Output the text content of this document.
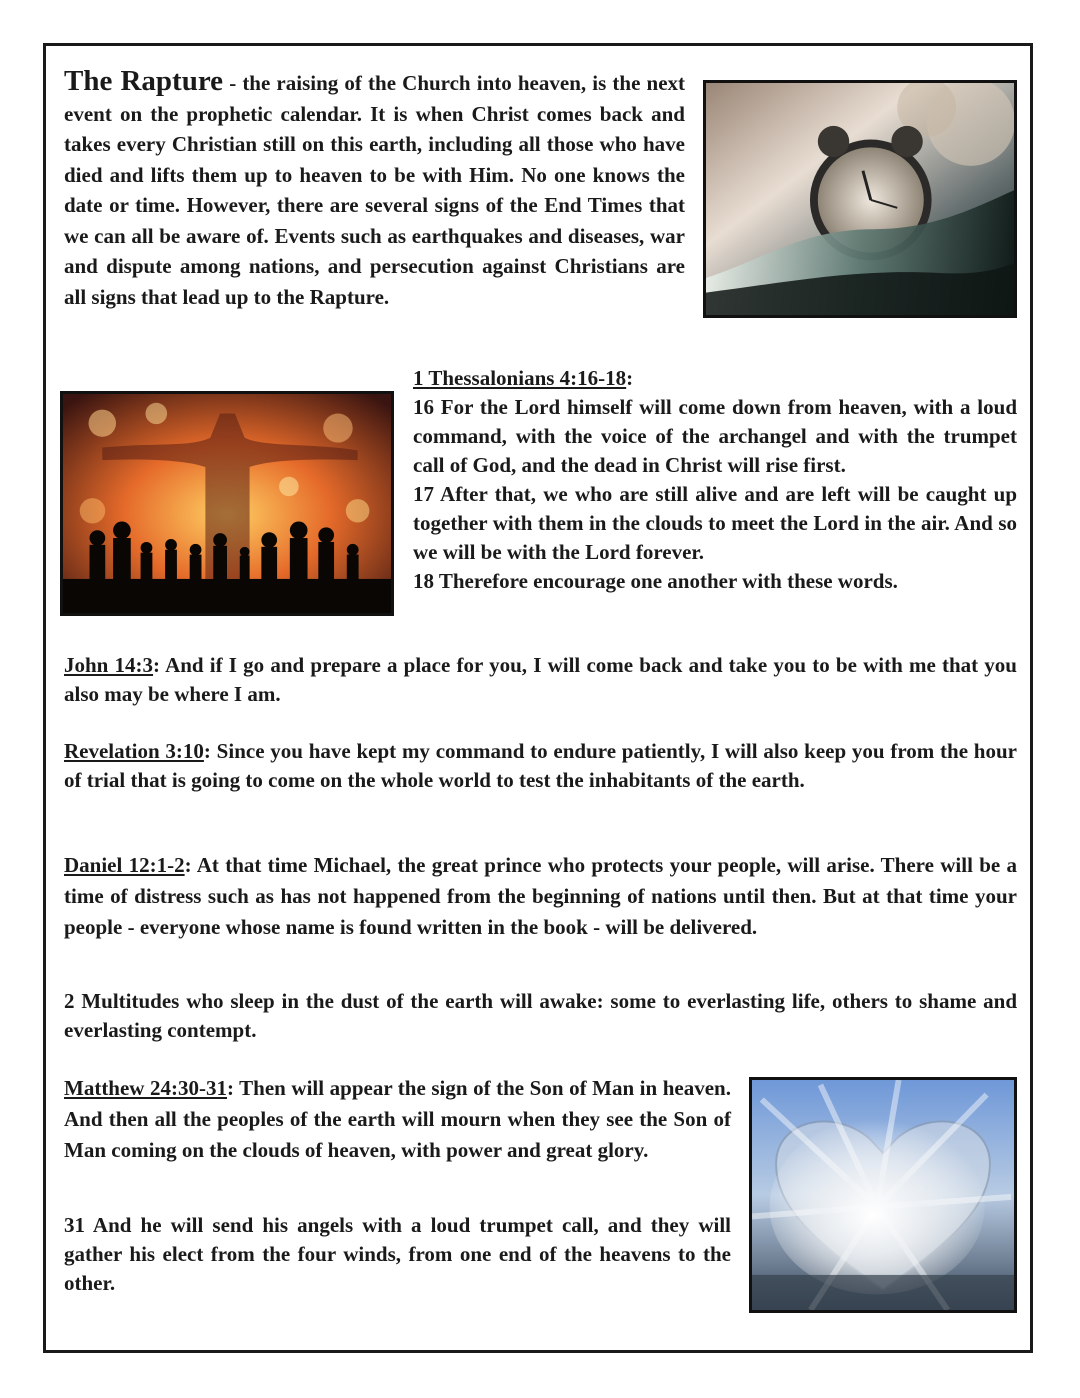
The Rapture - the raising of the Church into heaven, is the next event on the prophetic calendar. It is when Christ comes back and takes every Christian still on this earth, including all those who have died and lifts them up to heaven to be with Him. No one knows the date or time. However, there are several signs of the End Times that we can all be aware of. Events such as earthquakes and diseases, war and dispute among nations, and persecution against Christians are all signs that lead up to the Rapture.
1 Thessalonians 4:16-18:
16 For the Lord himself will come down from heaven, with a loud command, with the voice of the archangel and with the trumpet call of God, and the dead in Christ will rise first.
17 After that, we who are still alive and are left will be caught up together with them in the clouds to meet the Lord in the air. And so we will be with the Lord forever.
18 Therefore encourage one another with these words.
John 14:3: And if I go and prepare a place for you, I will come back and take you to be with me that you also may be where I am.
Revelation 3:10: Since you have kept my command to endure patiently, I will also keep you from the hour of trial that is going to come on the whole world to test the inhabitants of the earth.
Daniel 12:1-2: At that time Michael, the great prince who protects your people, will arise. There will be a time of distress such as has not happened from the beginning of nations until then. But at that time your people - everyone whose name is found written in the book - will be delivered.
2 Multitudes who sleep in the dust of the earth will awake: some to everlasting life, others to shame and everlasting contempt.
Matthew 24:30-31: Then will appear the sign of the Son of Man in heaven. And then all the peoples of the earth will mourn when they see the Son of Man coming on the clouds of heaven, with power and great glory.
31 And he will send his angels with a loud trumpet call, and they will gather his elect from the four winds, from one end of the heavens to the other.
